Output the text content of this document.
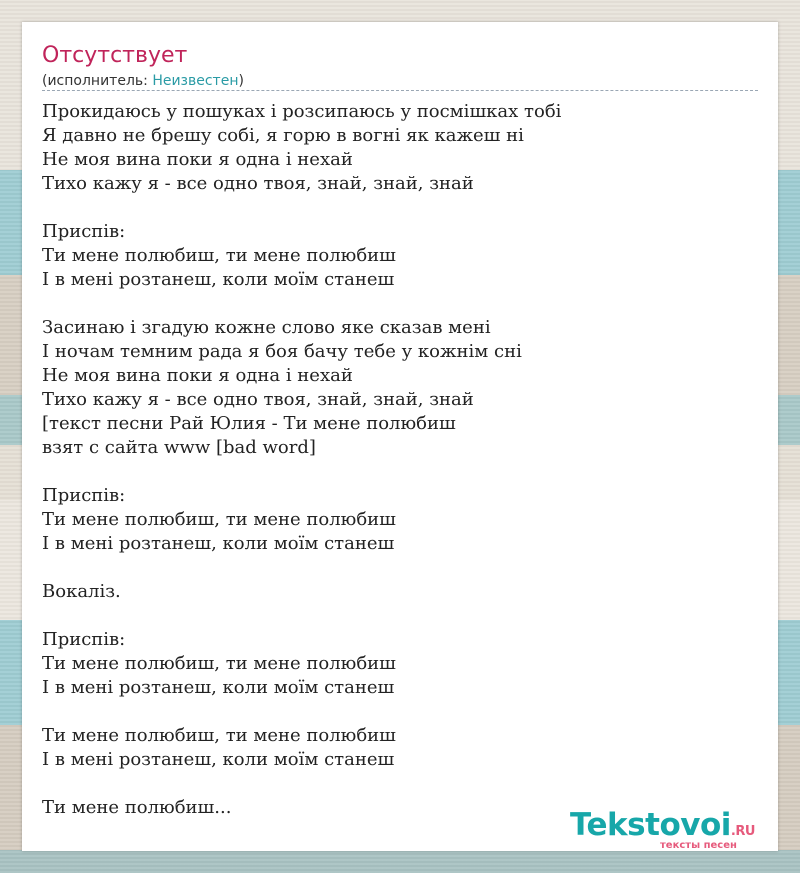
Отсутствует
(исполнитель: Неизвестен)
Прокидаюсь у пошуках і розсипаюсь у посмішках тобі
Я давно не брешу собі, я горю в вогні як кажеш ні
Не моя вина поки я одна і нехай
Тихо кажу я - все одно твоя, знай, знай, знай
Приспів:
Ти мене полюбиш, ти мене полюбиш
І в мені розтанеш, коли моїм станеш
Засинаю і згадую кожне слово яке сказав мені
І ночам темним рада я боя бачу тебе у кожнім сні
Не моя вина поки я одна і нехай
Тихо кажу я - все одно твоя, знай, знай, знай
[текст песни Рай Юлия - Ти мене полюбиш
взят с сайта www [bad word]
Приспів:
Ти мене полюбиш, ти мене полюбиш
І в мені розтанеш, коли моїм станеш
Вокаліз.
Приспів:
Ти мене полюбиш, ти мене полюбиш
І в мені розтанеш, коли моїм станеш
Ти мене полюбиш, ти мене полюбиш
І в мені розтанеш, коли моїм станеш
Ти мене полюбиш...	Tekstovoi.RU
тексты песен
